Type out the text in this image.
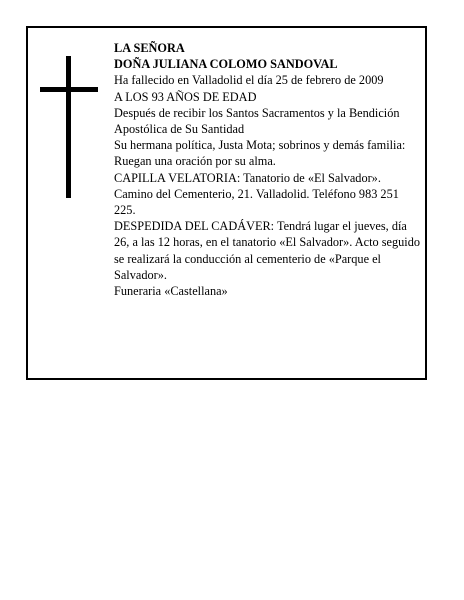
LA SEÑORA
DOÑA JULIANA COLOMO SANDOVAL
Ha fallecido en Valladolid el día 25 de febrero de 2009
A LOS 93 AÑOS DE EDAD
Después de recibir los Santos Sacramentos y la Bendición Apostólica de Su Santidad
Su hermana política, Justa Mota; sobrinos y demás familia:
Ruegan una oración por su alma.
CAPILLA VELATORIA: Tanatorio de «El Salvador». Camino del Cementerio, 21. Valladolid. Teléfono 983 251 225.
DESPEDIDA DEL CADÁVER: Tendrá lugar el jueves, día 26, a las 12 horas, en el tanatorio «El Salvador». Acto seguido se realizará la conducción al cementerio de «Parque el Salvador».
Funeraria «Castellana»
